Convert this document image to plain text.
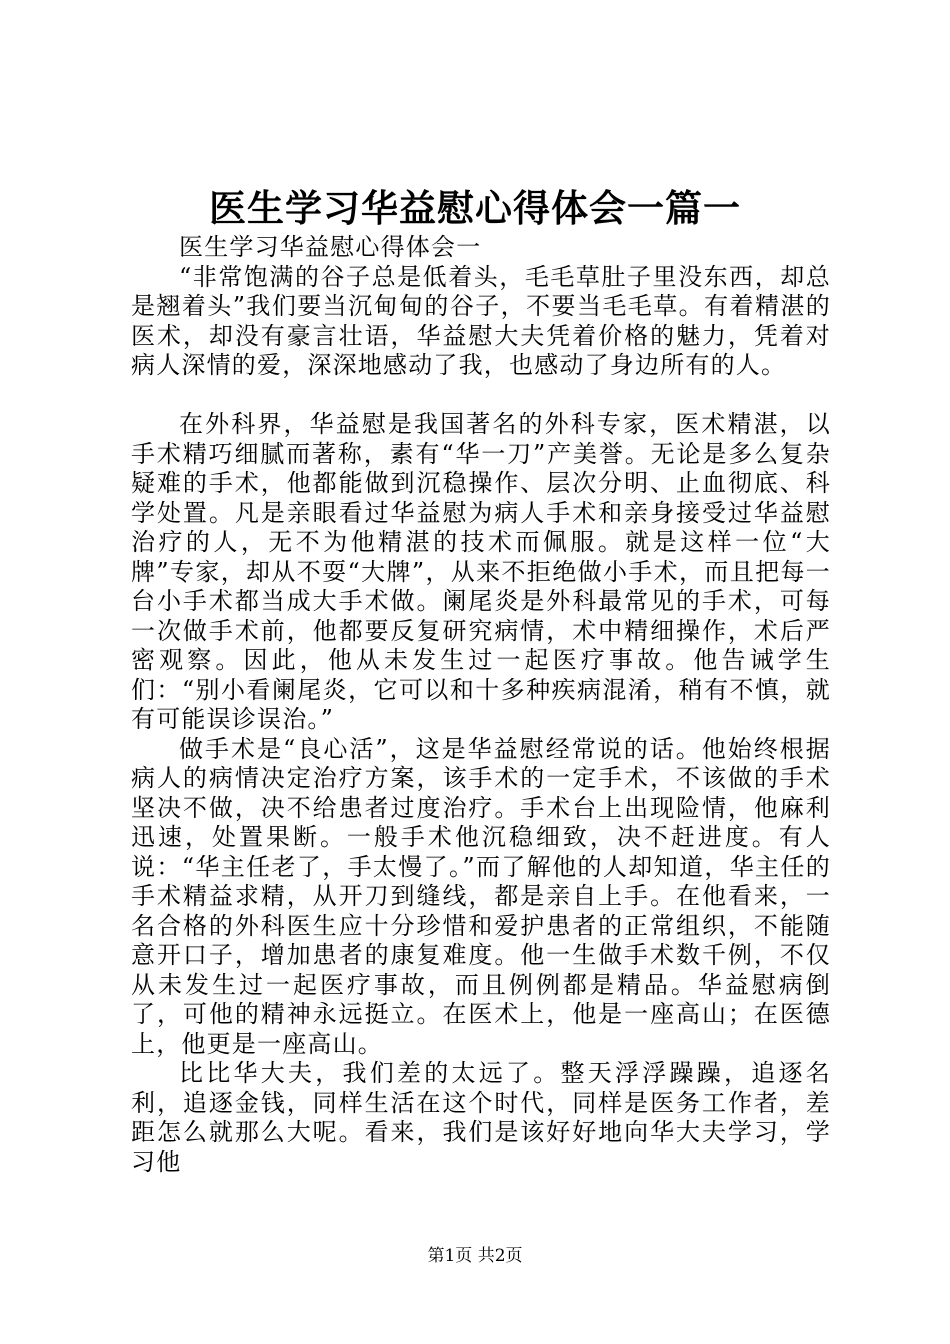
医生学习华益慰心得体会一篇一

医生学习华益慰心得体会一

“非常饱满的谷子总是低着头，毛毛草肚子里没东西，却总是翘着头”我们要当沉甸甸的谷子，不要当毛毛草。有着精湛的医术，却没有豪言壮语，华益慰大夫凭着价格的魅力，凭着对病人深情的爱，深深地感动了我，也感动了身边所有的人。

在外科界，华益慰是我国著名的外科专家，医术精湛，以手术精巧细腻而著称，素有“华一刀”产美誉。无论是多么复杂疑难的手术，他都能做到沉稳操作、层次分明、止血彻底、科学处置。凡是亲眼看过华益慰为病人手术和亲身接受过华益慰治疗的人，无不为他精湛的技术而佩服。就是这样一位“大牌”专家，却从不耍“大牌”，从来不拒绝做小手术，而且把每一台小手术都当成大手术做。阑尾炎是外科最常见的手术，可每一次做手术前，他都要反复研究病情，术中精细操作，术后严密观察。因此，他从未发生过一起医疗事故。他告诫学生们：“别小看阑尾炎，它可以和十多种疾病混淆，稍有不慎，就有可能误诊误治。”

做手术是“良心活”，这是华益慰经常说的话。他始终根据病人的病情决定治疗方案，该手术的一定手术，不该做的手术坚决不做，决不给患者过度治疗。手术台上出现险情，他麻利迅速，处置果断。一般手术他沉稳细致，决不赶进度。有人说：“华主任老了，手太慢了。”而了解他的人却知道，华主任的手术精益求精，从开刀到缝线，都是亲自上手。在他看来，一名合格的外科医生应十分珍惜和爱护患者的正常组织，不能随意开口子，增加患者的康复难度。他一生做手术数千例，不仅从未发生过一起医疗事故，而且例例都是精品。华益慰病倒了，可他的精神永远挺立。在医术上，他是一座高山；在医德上，他更是一座高山。

比比华大夫，我们差的太远了。整天浮浮躁躁，追逐名利，追逐金钱，同样生活在这个时代，同样是医务工作者，差距怎么就那么大呢。看来，我们是该好好地向华大夫学习，学习他

第1页 共2页
